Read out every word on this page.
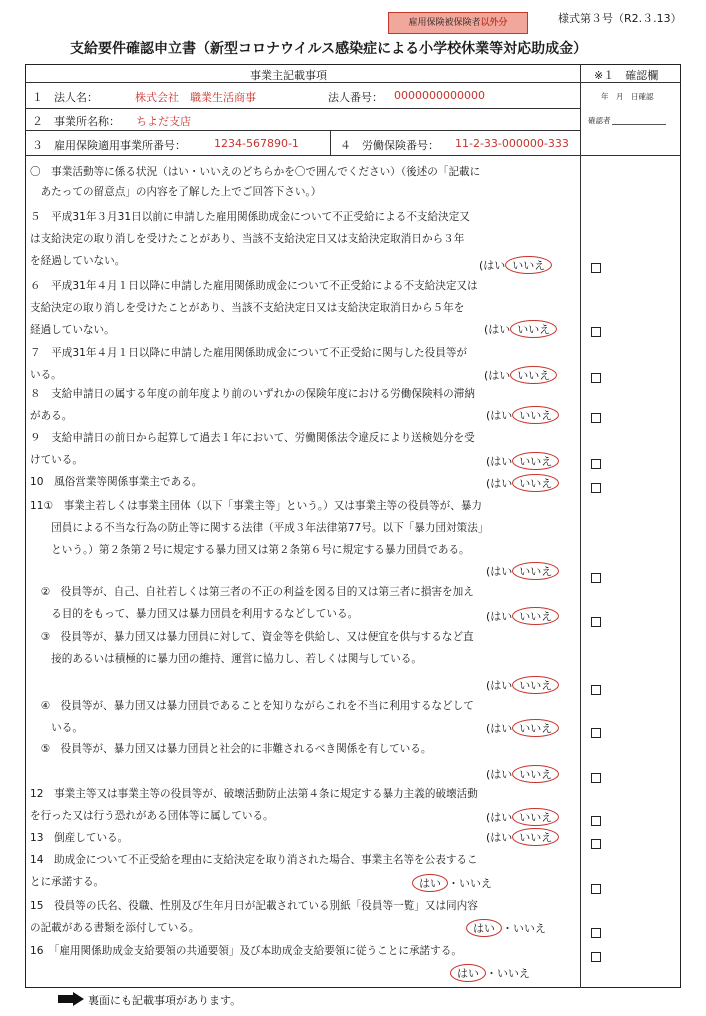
雇用保険被保険者以外分	様式第３号（R2.３.13）
支給要件確認申立書（新型コロナウイルス感染症による小学校休業等対応助成金）
事業主記載事項	※１　確認欄
年　月　日確認
確認者
１　法人名：	株式会社　職業生活商事	法人番号： 0000000000000
２　事業所名称： ちよだ支店
３　雇用保険適用事業所番号：	1234-567890-1	４　労働保険番号： 11-2-33-000000-333
〇　事業活動等に係る状況（はい・いいえのどちらかを〇で囲んでください）（後述の「記載に
　あたっての留意点」の内容を了解した上でご回答下さい。）
５　平成31年３月31日以前に申請した雇用関係助成金について不正受給による不支給決定又
は支給決定の取り消しを受けたことがあり、当該不支給決定日又は支給決定取消日から３年
を経過していない。	(はい いいえ
６　平成31年４月１日以降に申請した雇用関係助成金について不正受給による不支給決定又は
支給決定の取り消しを受けたことがあり、当該不支給決定日又は支給決定取消日から５年を
経過していない。	(はい いいえ
７　平成31年４月１日以降に申請した雇用関係助成金について不正受給に関与した役員等が
いる。	(はい いいえ
８　支給申請日の属する年度の前年度より前のいずれかの保険年度における労働保険料の滞納
がある。	(はい いいえ
９　支給申請日の前日から起算して過去１年において、労働関係法令違反により送検処分を受
けている。	(はい いいえ
10　風俗営業等関係事業主である。	(はい いいえ
11①　事業主若しくは事業主団体（以下「事業主等」という。）又は事業主等の役員等が、暴力
　　団員による不当な行為の防止等に関する法律（平成３年法律第77号。以下「暴力団対策法」
　　という。）第２条第２号に規定する暴力団又は第２条第６号に規定する暴力団員である。
(はい いいえ
　②　役員等が、自己、自社若しくは第三者の不正の利益を図る目的又は第三者に損害を加え
　　る目的をもって、暴力団又は暴力団員を利用するなどしている。	(はい いいえ
　③　役員等が、暴力団又は暴力団員に対して、資金等を供給し、又は便宜を供与するなど直
　　接的あるいは積極的に暴力団の維持、運営に協力し、若しくは関与している。
(はい いいえ
　④　役員等が、暴力団又は暴力団員であることを知りながらこれを不当に利用するなどして
　　いる。	(はい いいえ
　⑤　役員等が、暴力団又は暴力団員と社会的に非難されるべき関係を有している。
(はい いいえ
12　事業主等又は事業主等の役員等が、破壊活動防止法第４条に規定する暴力主義的破壊活動
を行った又は行う恐れがある団体等に属している。	(はい いいえ
13　倒産している。	(はい いいえ
14　助成金について不正受給を理由に支給決定を取り消された場合、事業主名等を公表するこ
とに承諾する。	はい ・いいえ
15　役員等の氏名、役職、性別及び生年月日が記載されている別紙「役員等一覧」又は同内容
の記載がある書類を添付している。	はい ・いいえ
16　「雇用関係助成金支給要領の共通要領」及び本助成金支給要領に従うことに承諾する。
はい ・いいえ
裏面にも記載事項があります。
